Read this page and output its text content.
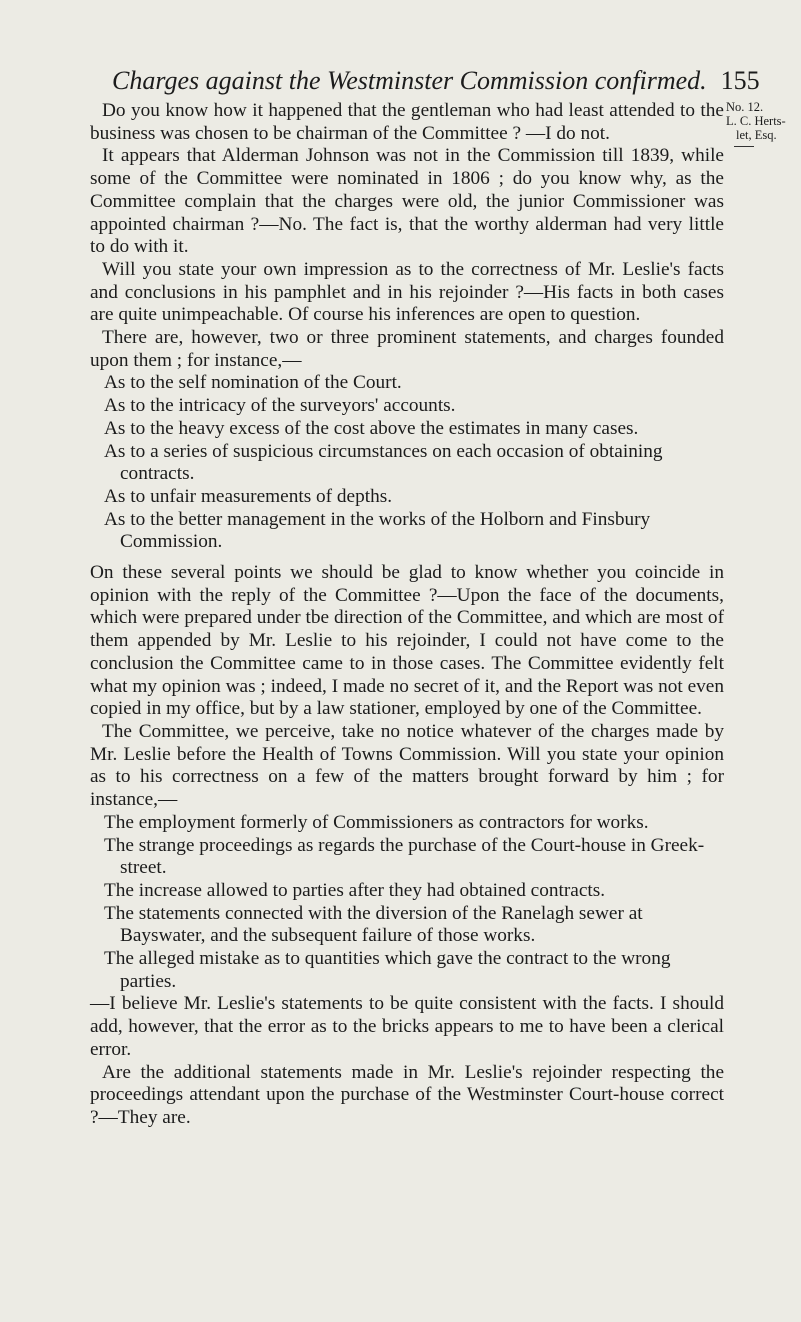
Charges against the Westminster Commission confirmed. 155
No. 12.
L. C. Herts-
let, Esq.

Do you know how it happened that the gentleman who had least attended to the business was chosen to be chairman of the Committee ? —I do not.

It appears that Alderman Johnson was not in the Commission till 1839, while some of the Committee were nominated in 1806 ; do you know why, as the Committee complain that the charges were old, the junior Commissioner was appointed chairman ?—No. The fact is, that the worthy alderman had very little to do with it.

Will you state your own impression as to the correctness of Mr. Leslie's facts and conclusions in his pamphlet and in his rejoinder ?—His facts in both cases are quite unimpeachable. Of course his inferences are open to question.

There are, however, two or three prominent statements, and charges founded upon them ; for instance,—

As to the self nomination of the Court.
As to the intricacy of the surveyors' accounts.
As to the heavy excess of the cost above the estimates in many cases.
As to a series of suspicious circumstances on each occasion of obtaining contracts.
As to unfair measurements of depths.
As to the better management in the works of the Holborn and Finsbury Commission.

On these several points we should be glad to know whether you coincide in opinion with the reply of the Committee ?—Upon the face of the documents, which were prepared under tbe direction of the Committee, and which are most of them appended by Mr. Leslie to his rejoinder, I could not have come to the conclusion the Committee came to in those cases. The Committee evidently felt what my opinion was ; indeed, I made no secret of it, and the Report was not even copied in my office, but by a law stationer, employed by one of the Committee.

The Committee, we perceive, take no notice whatever of the charges made by Mr. Leslie before the Health of Towns Commission. Will you state your opinion as to his correctness on a few of the matters brought forward by him ; for instance,—

The employment formerly of Commissioners as contractors for works.
The strange proceedings as regards the purchase of the Court-house in Greek-street.
The increase allowed to parties after they had obtained contracts.
The statements connected with the diversion of the Ranelagh sewer at Bayswater, and the subsequent failure of those works.
The alleged mistake as to quantities which gave the contract to the wrong parties.

—I believe Mr. Leslie's statements to be quite consistent with the facts. I should add, however, that the error as to the bricks appears to me to have been a clerical error.

Are the additional statements made in Mr. Leslie's rejoinder respecting the proceedings attendant upon the purchase of the Westminster Court-house correct ?—They are.
